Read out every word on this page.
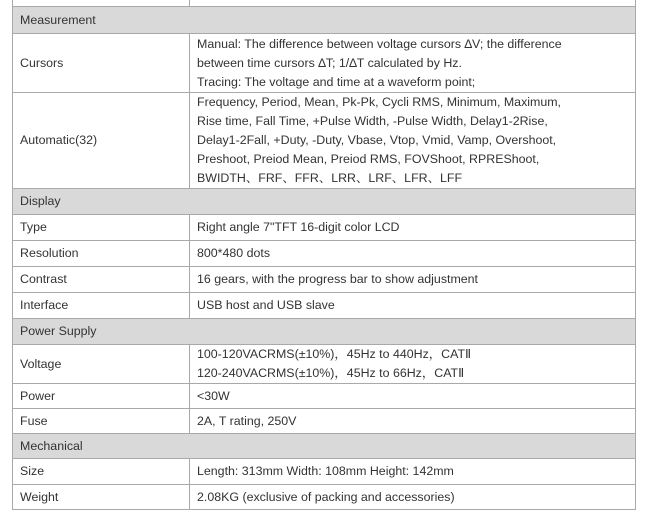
Measurement	
Cursors	Manual: The difference between voltage cursors ∆V; the difference
between time cursors ∆T; 1/∆T calculated by Hz.
Tracing: The voltage and time at a waveform point;

Automatic(32)	Frequency, Period, Mean, Pk-Pk, Cycli RMS, Minimum, Maximum,
Rise time, Fall Time, +Pulse Width, -Pulse Width, Delay1-2Rise,
Delay1-2Fall, +Duty, -Duty, Vbase, Vtop, Vmid, Vamp, Overshoot,
Preshoot, Preiod Mean, Preiod RMS, FOVShoot, RPREShoot,
BWIDTH、FRF、FFR、LRR、LRF、LFR、LFF

Display	
Type	Right angle 7"TFT 16-digit color LCD

Resolution	800*480 dots

Contrast	16 gears, with the progress bar to show adjustment

Interface	USB host and USB slave

Power Supply	
Voltage	100-120VACRMS(±10%)，45Hz to 440Hz，CATⅡ
120-240VACRMS(±10%)，45Hz to 66Hz，CATⅡ

Power	<30W

Fuse	2A, T rating, 250V

Mechanical	
Size	Length: 313mm Width: 108mm Height: 142mm

Weight	2.08KG (exclusive of packing and accessories)
